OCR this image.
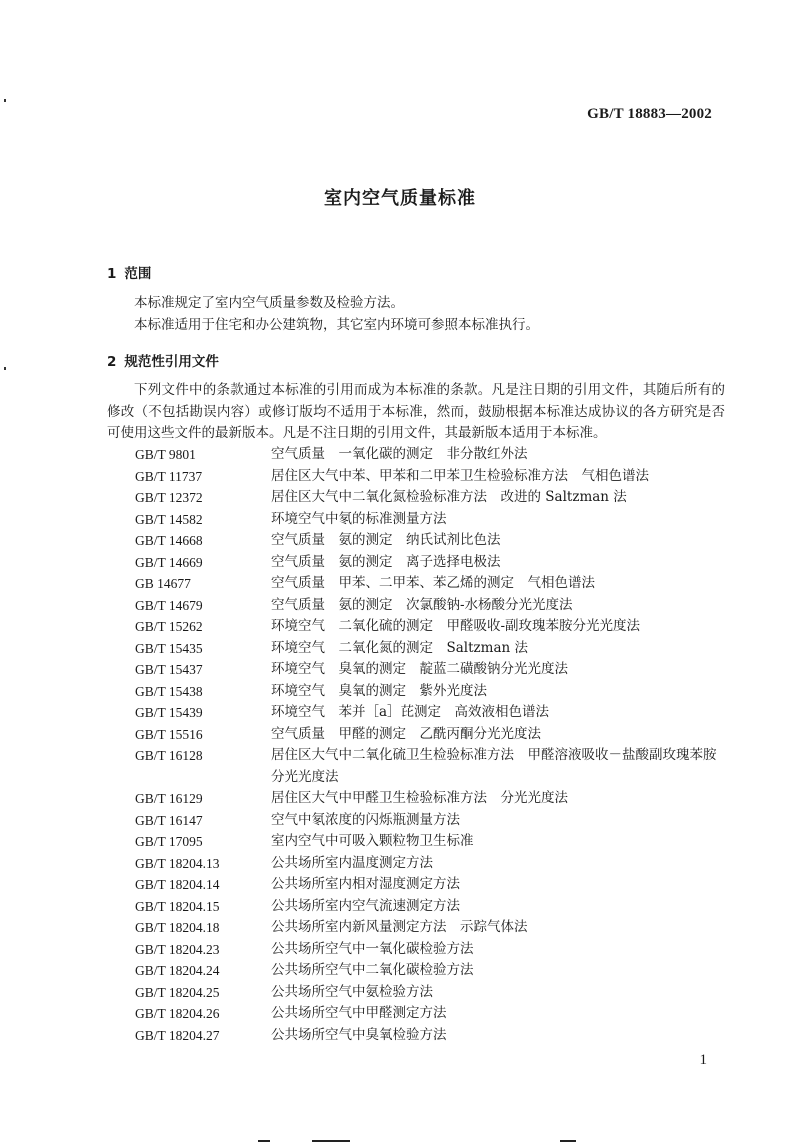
GB/T 18883—2002
室内空气质量标准
1 范围
本标准规定了室内空气质量参数及检验方法。
本标准适用于住宅和办公建筑物，其它室内环境可参照本标准执行。
2 规范性引用文件
下列文件中的条款通过本标准的引用而成为本标准的条款。凡是注日期的引用文件，其随后所有的修改（不包括勘误内容）或修订版均不适用于本标准，然而，鼓励根据本标准达成协议的各方研究是否可使用这些文件的最新版本。凡是不注日期的引用文件，其最新版本适用于本标准。
GB/T 9801	空气质量　一氧化碳的测定　非分散红外法
GB/T 11737	居住区大气中苯、甲苯和二甲苯卫生检验标准方法　气相色谱法
GB/T 12372	居住区大气中二氧化氮检验标准方法　改进的 Saltzman 法
GB/T 14582	环境空气中氡的标准测量方法
GB/T 14668	空气质量　氨的测定　纳氏试剂比色法
GB/T 14669	空气质量　氨的测定　离子选择电极法
GB 14677	空气质量　甲苯、二甲苯、苯乙烯的测定　气相色谱法
GB/T 14679	空气质量　氨的测定　次氯酸钠-水杨酸分光光度法
GB/T 15262	环境空气　二氧化硫的测定　甲醛吸收-副玫瑰苯胺分光光度法
GB/T 15435	环境空气　二氧化氮的测定　Saltzman 法
GB/T 15437	环境空气　臭氧的测定　靛蓝二磺酸钠分光光度法
GB/T 15438	环境空气　臭氧的测定　紫外光度法
GB/T 15439	环境空气　苯并［a］芘测定　高效液相色谱法
GB/T 15516	空气质量　甲醛的测定　乙酰丙酮分光光度法
GB/T 16128	居住区大气中二氧化硫卫生检验标准方法　甲醛溶液吸收－盐酸副玫瑰苯胺分光光度法
GB/T 16129	居住区大气中甲醛卫生检验标准方法　分光光度法
GB/T 16147	空气中氡浓度的闪烁瓶测量方法
GB/T 17095	室内空气中可吸入颗粒物卫生标准
GB/T 18204.13	公共场所室内温度测定方法
GB/T 18204.14	公共场所室内相对湿度测定方法
GB/T 18204.15	公共场所室内空气流速测定方法
GB/T 18204.18	公共场所室内新风量测定方法　示踪气体法
GB/T 18204.23	公共场所空气中一氧化碳检验方法
GB/T 18204.24	公共场所空气中二氧化碳检验方法
GB/T 18204.25	公共场所空气中氨检验方法
GB/T 18204.26	公共场所空气中甲醛测定方法
GB/T 18204.27	公共场所空气中臭氧检验方法
1
